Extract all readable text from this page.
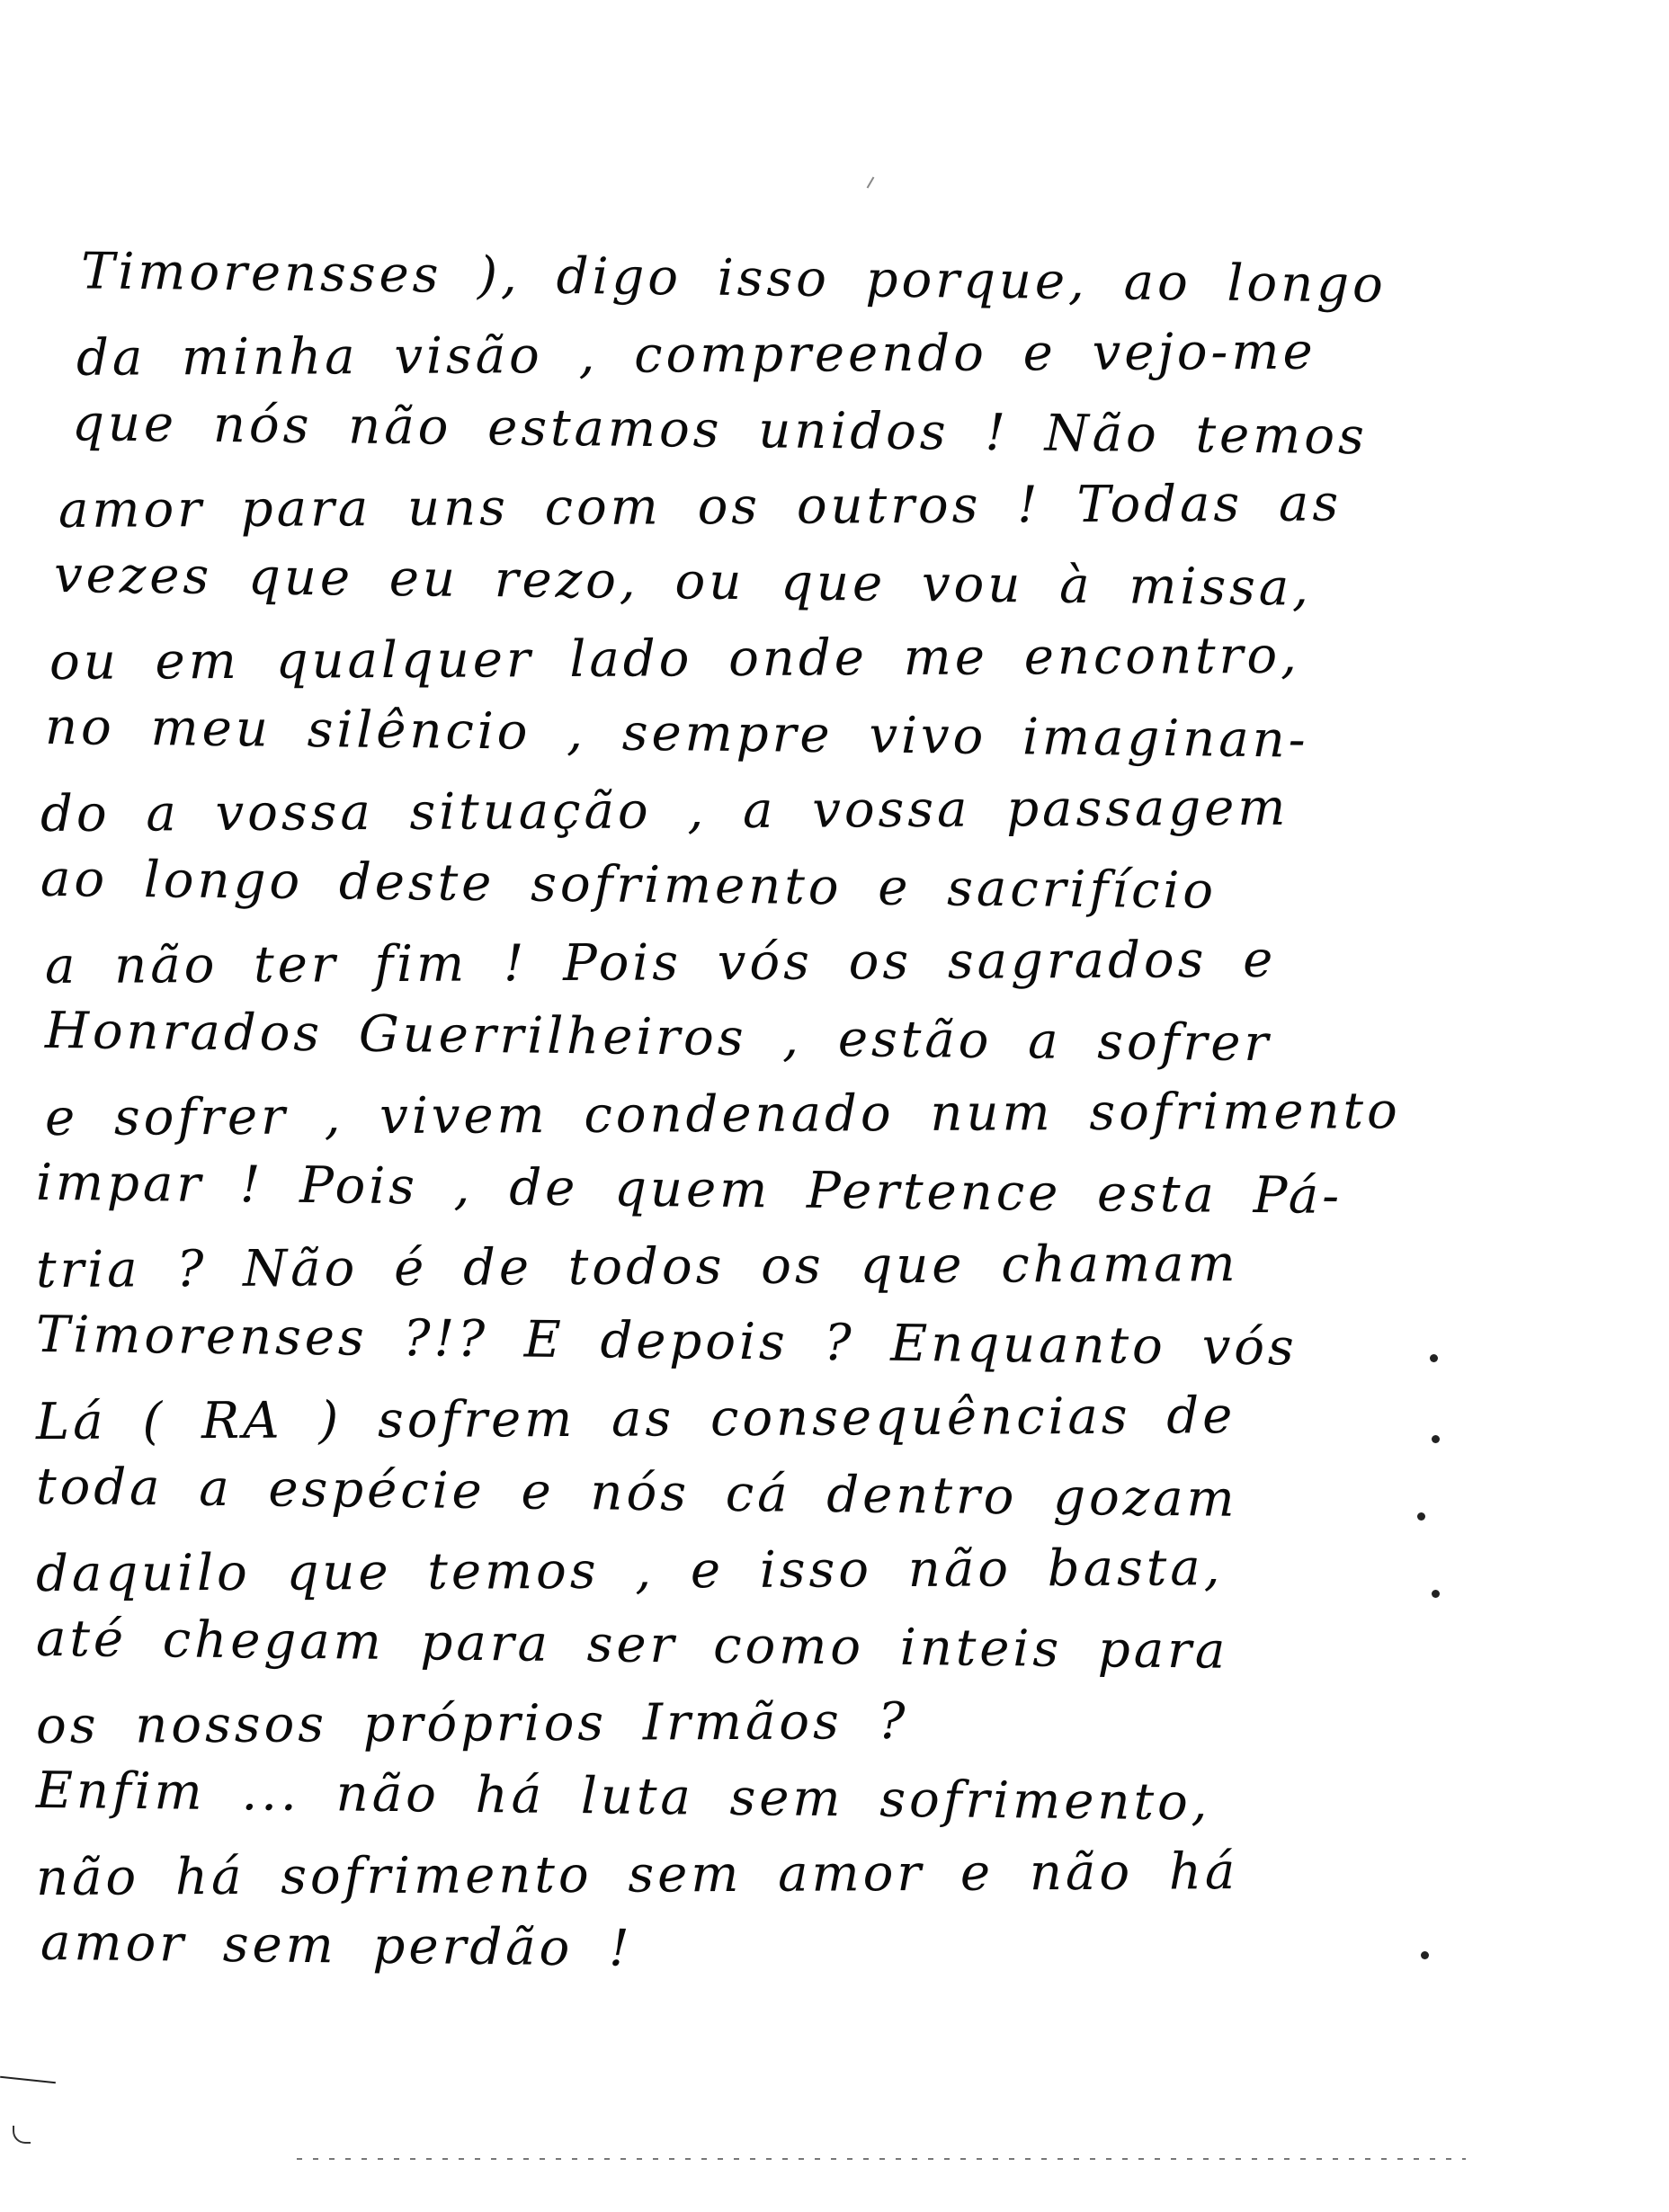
Timorensses ), digo isso porque, ao longo
da minha visão , compreendo e vejo-me
que nós não estamos unidos ! Não temos
amor para uns com os outros ! Todas as
vezes que eu rezo, ou que vou à missa,
ou em qualquer lado onde me encontro,
no meu silêncio , sempre vivo imaginan-
do a vossa situação , a vossa passagem
ao longo deste sofrimento e sacrifício
a não ter fim ! Pois vós os sagrados e
Honrados Guerrilheiros , estão a sofrer
e sofrer , vivem condenado num sofrimento
impar ! Pois , de quem Pertence esta Pá-
tria ? Não é de todos os que chamam
Timorenses ?!? E depois ? Enquanto vós
Lá ( RA ) sofrem as consequências de
toda a espécie e nós cá dentro gozam
daquilo que temos , e isso não basta,
até chegam para ser como inteis para
os nossos próprios Irmãos ?
Enfim ... não há luta sem sofrimento,
não há sofrimento sem amor e não há
amor sem perdão !
